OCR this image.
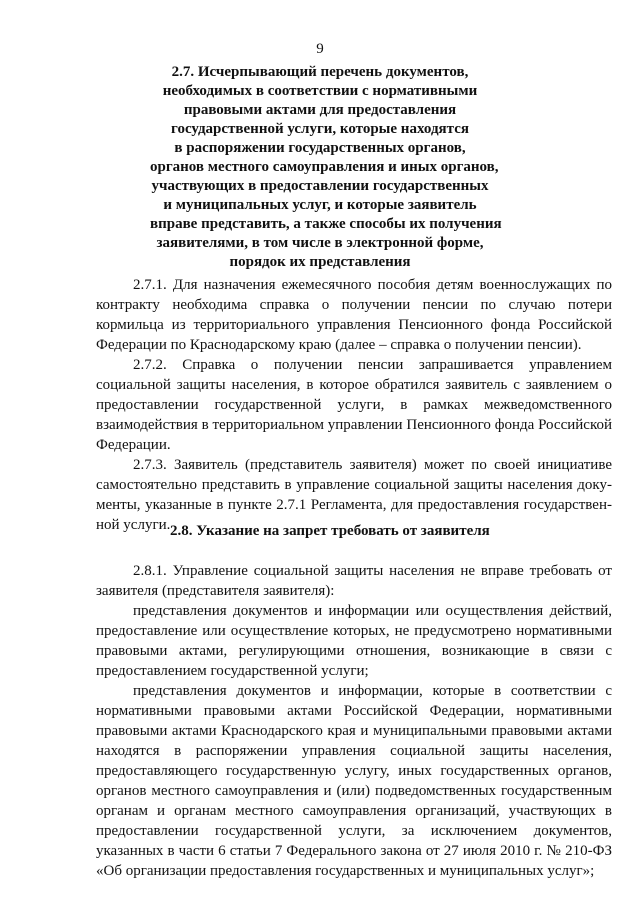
9
2.7. Исчерпывающий перечень документов,
необходимых в соответствии с нормативными
правовыми актами для предоставления
государственной услуги, которые находятся
в распоряжении государственных органов,
органов местного самоуправления и иных органов,
участвующих в предоставлении государственных
и муниципальных услуг, и которые заявитель
вправе представить, а также способы их получения
заявителями, в том числе в электронной форме,
порядок их представления
2.7.1. Для назначения ежемесячного пособия детям военнослужащих по
контракту необходима справка о получении пенсии по случаю потери
кормильца из территориального управления Пенсионного фонда Российской
Федерации по Краснодарскому краю (далее – справка о получении пенсии).
2.7.2. Справка о получении пенсии запрашивается управлением
социальной защиты населения, в которое обратился заявитель с заявлением о
предоставлении государственной услуги, в рамках межведомственного
взаимодействия в территориальном управлении Пенсионного фонда Российской
Федерации.
2.7.3. Заявитель (представитель заявителя) может по своей инициативе
самостоятельно представить в управление социальной защиты населения доку-
менты, указанные в пункте 2.7.1 Регламента, для предоставления государствен-
ной услуги. 2.8. Указание на запрет требовать от заявителя
2.8.1. Управление социальной защиты населения не вправе требовать от
заявителя (представителя заявителя):
представления документов и информации или осуществления действий,
предоставление или осуществление которых, не предусмотрено нормативными
правовыми актами, регулирующими отношения, возникающие в связи с
предоставлением государственной услуги;
представления документов и информации, которые в соответствии с
нормативными правовыми актами Российской Федерации, нормативными
правовыми актами Краснодарского края и муниципальными правовыми актами
находятся в распоряжении управления социальной защиты населения,
предоставляющего государственную услугу, иных государственных органов,
органов местного самоуправления и (или) подведомственных государственным
органам и органам местного самоуправления организаций, участвующих в
предоставлении государственной услуги, за исключением документов,
указанных в части 6 статьи 7 Федерального закона от 27 июля 2010 г. № 210-ФЗ
«Об организации предоставления государственных и муниципальных услуг»;
